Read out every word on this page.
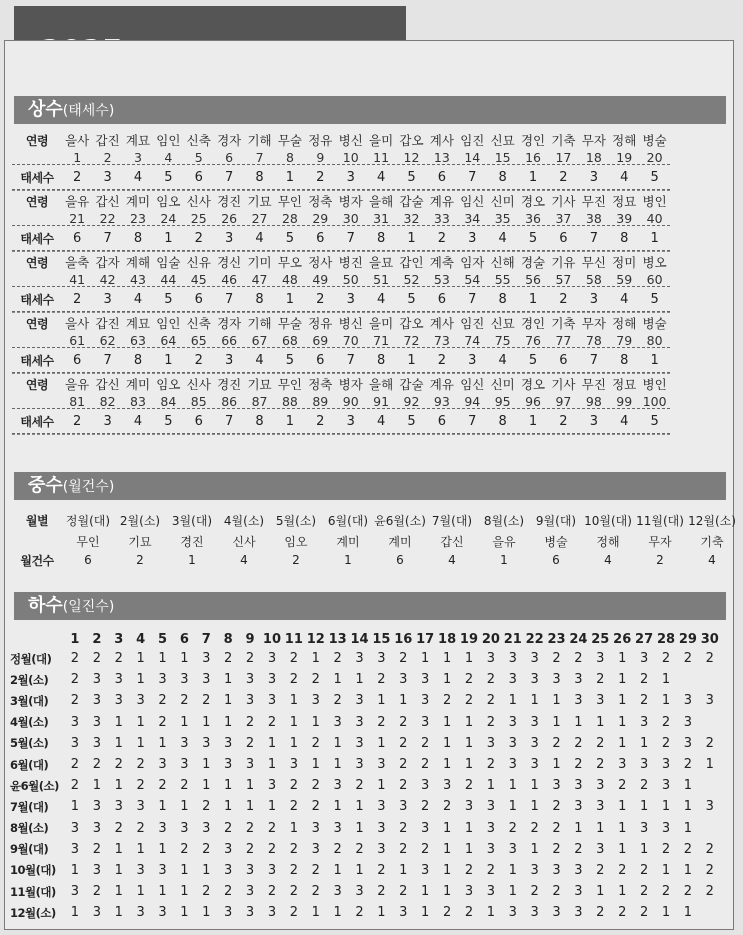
상수(태세수)
연령	을사 갑진 계묘 임인 신축 경자 기해 무술 정유 병신 을미 갑오 계사 임진 신묘 경인 기축 무자 정해 병술
1	2	3	4	5	6	7	8	9	10	11	12	13	14	15	16	17	18	19	20
태세수	2	3	4	5	6	7	8	1	2	3	4	5	6	7	8	1	2	3	4	5
연령	을유 갑신 계미 임오 신사 경진 기묘 무인 정축 병자 을해 갑술 계유 임신 신미 경오 기사 무진 정묘 병인
21	22	23	24	25	26	27	28	29	30	31	32	33	34	35	36	37	38	39	40
태세수	6	7	8	1	2	3	4	5	6	7	8	1	2	3	4	5	6	7	8	1
연령	을축 갑자 계해 임술 신유 경신 기미 무오 정사 병진 을묘 갑인 계축 임자 신해 경술 기유 무신 정미 병오
41	42	43	44	45	46	47	48	49	50	51	52	53	54	55	56	57	58	59	60
태세수	2	3	4	5	6	7	8	1	2	3	4	5	6	7	8	1	2	3	4	5
연령	을사 갑진 계묘 임인 신축 경자 기해 무술 정유 병신 을미 갑오 계사 임진 신묘 경인 기축 무자 정해 병술
61	62	63	64	65	66	67	68	69	70	71	72	73	74	75	76	77	78	79	80
태세수	6	7	8	1	2	3	4	5	6	7	8	1	2	3	4	5	6	7	8	1
연령	을유 갑신 계미 임오 신사 경진 기묘 무인 정축 병자 을해 갑술 계유 임신 신미 경오 기사 무진 정묘 병인
81	82	83	84	85	86	87	88	89	90	91	92	93	94	95	96	97	98	99 100
태세수	2	3	4	5	6	7	8	1	2	3	4	5	6	7	8	1	2	3	4	5
중수(월건수)
월별	정월(대) 2월(소) 3월(대) 4월(소) 5월(소) 6월(대) 윤6월(소) 7월(대) 8월(소) 9월(대) 10월(대) 11월(대) 12월(소)
무인	기묘	경진	신사	임오	계미	계미	갑신	을유	병술	정해	무자	기축
월건수	6	2	1	4	2	1	6	4	1	6	4	2	4
하수(일진수)
1 2 3 4 5 6 7 8 9 10 11 12 13 14 15 16 17 18 19 20 21 22 23 24 25 26 27 28 29 30
정월(대)	2	2	2	1	1	1	3	2	2	3	2	1	2	3	3	2	1	1	1	3	3	3	2	2	3	1	3	2	2	2
2월(소)	2	3	3	1	3	3	3	1	3	3	2	2	1	1	2	3	3	1	2	2	3	3	3	3	2	1	2	1
3월(대)	2	3	3	3	2	2	2	1	3	3	1	3	2	3	1	1	3	2	2	2	1	1	1	3	3	1	2	1	3	3
4월(소)	3	3	1	1	2	1	1	1	2	2	1	1	3	3	2	2	3	1	1	2	3	3	1	1	1	1	3	2	3
5월(소)	3	3	1	1	1	3	3	3	2	1	1	2	1	3	1	2	2	1	1	3	3	3	2	2	2	1	1	2	3	2
6월(대)	2	2	2	2	3	3	1	3	3	1	3	1	1	3	3	2	2	1	1	2	3	3	1	2	2	3	3	3	2	1
윤6월(소) 2	1	1	2	2	2	1	1	1	3	2	2	3	2	1	2	3	3	2	1	1	1	3	3	3	2	2	3	1
7월(대)	1	3	3	3	1	1	2	1	1	1	2	2	1	1	3	3	2	2	3	3	1	1	2	3	3	1	1	1	1	3
8월(소)	3	3	2	2	3	3	3	2	2	2	1	3	3	1	3	2	3	1	1	3	2	2	2	1	1	1	3	3	1
9월(대)	3	2	1	1	1	2	2	3	2	2	2	3	2	2	3	2	2	1	1	3	3	1	2	2	3	1	1	2	2	2
10월(대)	1	3	1	3	3	1	1	3	3	3	2	2	1	1	2	1	3	1	2	2	1	3	3	3	2	2	2	1	1	2
11월(대)	3	2	1	1	1	1	2	2	3	2	2	2	3	3	2	2	1	1	3	3	1	2	2	3	1	1	2	2	2	2
12월(소)	1	3	1	3	3	1	1	3	3	3	2	1	1	2	1	3	1	2	2	1	3	3	3	3	2	2	2	1	1
